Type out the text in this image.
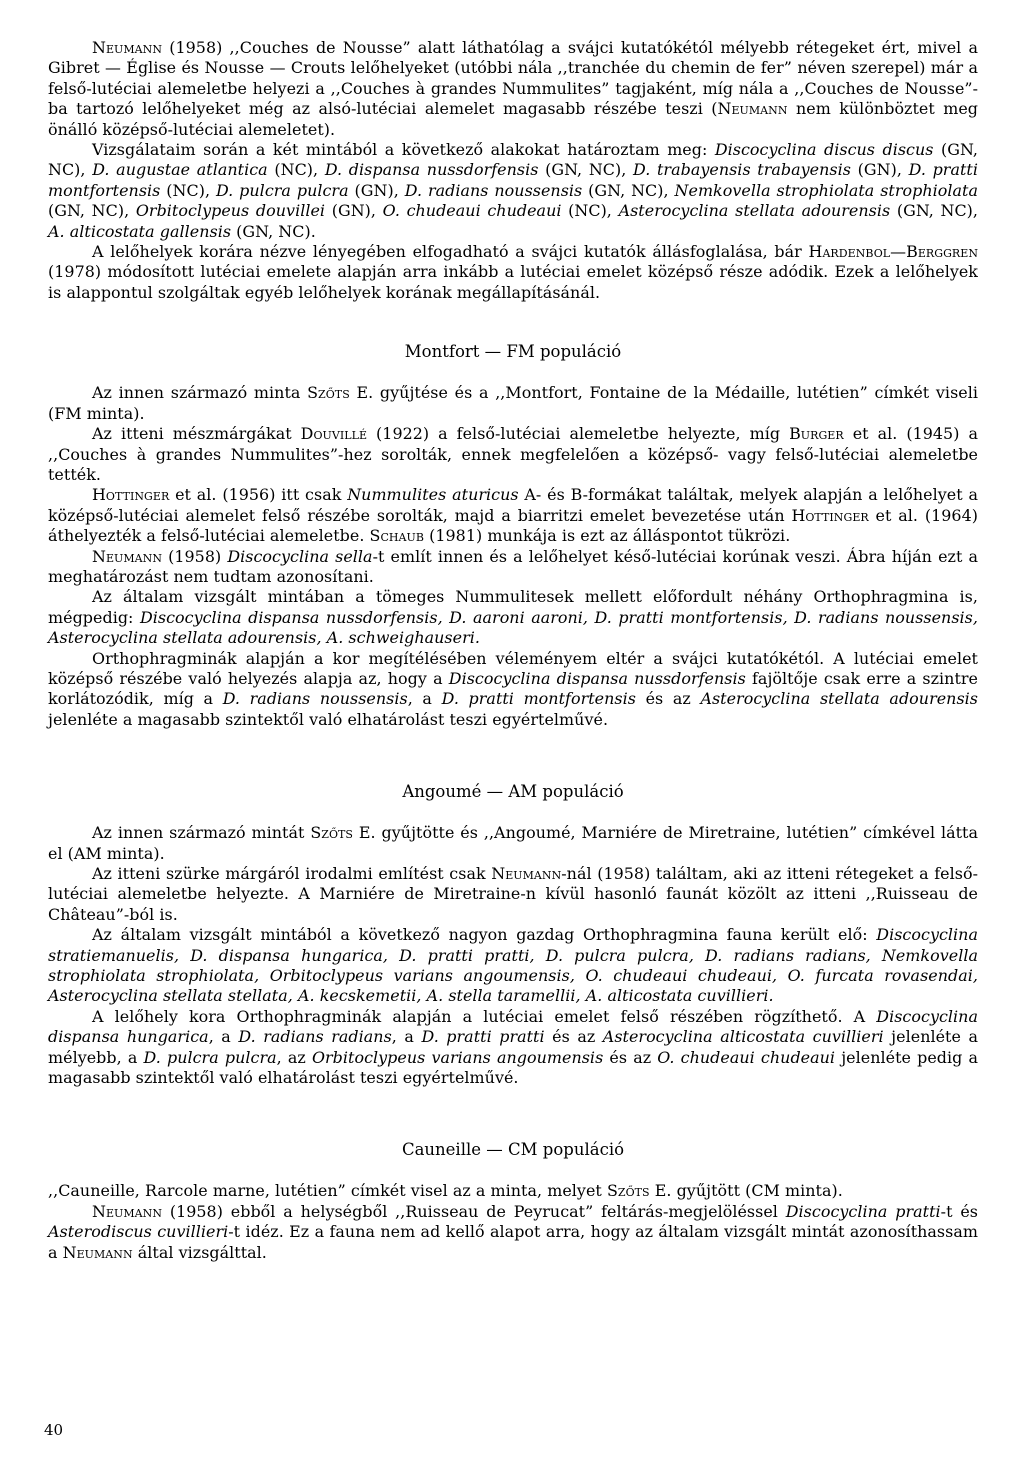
Neumann (1958) ,,Couches de Nousse” alatt láthatólag a svájci kutatókétól mélyebb rétegeket ért, mivel a Gibret — Église és Nousse — Crouts lelőhelyeket (utóbbi nála ,,tranchée du chemin de fer” néven szerepel) már a felső-lutéciai alemeletbe helyezi a ,,Couches à grandes Nummulites” tagjaként, míg nála a ,,Couches de Nousse”-ba tartozó lelőhelyeket még az alsó-lutéciai alemelet magasabb részébe teszi (Neumann nem különböztet meg önálló középső-lutéciai alemeletet).

Vizsgálataim során a két mintából a következő alakokat határoztam meg: Discocyclina discus discus (GN, NC), D. augustae atlantica (NC), D. dispansa nussdorfensis (GN, NC), D. trabayensis trabayensis (GN), D. pratti montfortensis (NC), D. pulcra pulcra (GN), D. radians noussensis (GN, NC), Nemkovella strophiolata strophiolata (GN, NC), Orbitoclypeus douvillei (GN), O. chudeaui chudeaui (NC), Asterocyclina stellata adourensis (GN, NC), A. alticostata gallensis (GN, NC).

A lelőhelyek korára nézve lényegében elfogadható a svájci kutatók állásfoglalása, bár Hardenbol—Berggren (1978) módosított lutéciai emelete alapján arra inkább a lutéciai emelet középső része adódik. Ezek a lelőhelyek is alappontul szolgáltak egyéb lelőhelyek korának megállapításánál.

Montfort — FM populáció

Az innen származó minta Szőts E. gyűjtése és a ,,Montfort, Fontaine de la Médaille, lutétien” címkét viseli (FM minta).

Az itteni mészmárgákat Douvillé (1922) a felső-lutéciai alemeletbe helyezte, míg Burger et al. (1945) a ,,Couches à grandes Nummulites”-hez sorolták, ennek megfelelően a középső- vagy felső-lutéciai alemeletbe tették.

Hottinger et al. (1956) itt csak Nummulites aturicus A- és B-formákat találtak, melyek alapján a lelőhelyet a középső-lutéciai alemelet felső részébe sorolták, majd a biarritzi emelet bevezetése után Hottinger et al. (1964) áthelyezték a felső-lutéciai alemeletbe. Schaub (1981) munkája is ezt az álláspontot tükrözi.

Neumann (1958) Discocyclina sella-t említ innen és a lelőhelyet késő-lutéciai korúnak veszi. Ábra híján ezt a meghatározást nem tudtam azonosítani.

Az általam vizsgált mintában a tömeges Nummulitesek mellett előfordult néhány Orthophragmina is, mégpedig: Discocyclina dispansa nussdorfensis, D. aaroni aaroni, D. pratti montfortensis, D. radians noussensis, Asterocyclina stellata adourensis, A. schweighauseri.

Orthophragminák alapján a kor megítélésében véleményem eltér a svájci kutatókétól. A lutéciai emelet középső részébe való helyezés alapja az, hogy a Discocyclina dispansa nussdorfensis fajöltője csak erre a szintre korlátozódik, míg a D. radians noussensis, a D. pratti montfortensis és az Asterocyclina stellata adourensis jelenléte a magasabb szintektől való elhatárolást teszi egyértelművé.

Angoumé — AM populáció

Az innen származó mintát Szőts E. gyűjtötte és ,,Angoumé, Marniére de Miretraine, lutétien” címkével látta el (AM minta).

Az itteni szürke márgáról irodalmi említést csak Neumann-nál (1958) találtam, aki az itteni rétegeket a felső-lutéciai alemeletbe helyezte. A Marniére de Miretraine-n kívül hasonló faunát közölt az itteni ,,Ruisseau de Château”-ból is.

Az általam vizsgált mintából a következő nagyon gazdag Orthophragmina fauna került elő: Discocyclina stratiemanuelis, D. dispansa hungarica, D. pratti pratti, D. pulcra pulcra, D. radians radians, Nemkovella strophiolata strophiolata, Orbitoclypeus varians angoumensis, O. chudeaui chudeaui, O. furcata rovasendai, Asterocyclina stellata stellata, A. kecskemetii, A. stella taramellii, A. alticostata cuvillieri.

A lelőhely kora Orthophragminák alapján a lutéciai emelet felső részében rögzíthető. A Discocyclina dispansa hungarica, a D. radians radians, a D. pratti pratti és az Asterocyclina alticostata cuvillieri jelenléte a mélyebb, a D. pulcra pulcra, az Orbitoclypeus varians angoumensis és az O. chudeaui chudeaui jelenléte pedig a magasabb szintektől való elhatárolást teszi egyértelművé.

Cauneille — CM populáció

,,Cauneille, Rarcole marne, lutétien” címkét visel az a minta, melyet Szőts E. gyűjtött (CM minta).

Neumann (1958) ebből a helységből ,,Ruisseau de Peyrucat” feltárás-megjelöléssel Discocyclina pratti-t és Asterodiscus cuvillieri-t idéz. Ez a fauna nem ad kellő alapot arra, hogy az általam vizsgált mintát azonosíthassam a Neumann által vizsgálttal.

40
